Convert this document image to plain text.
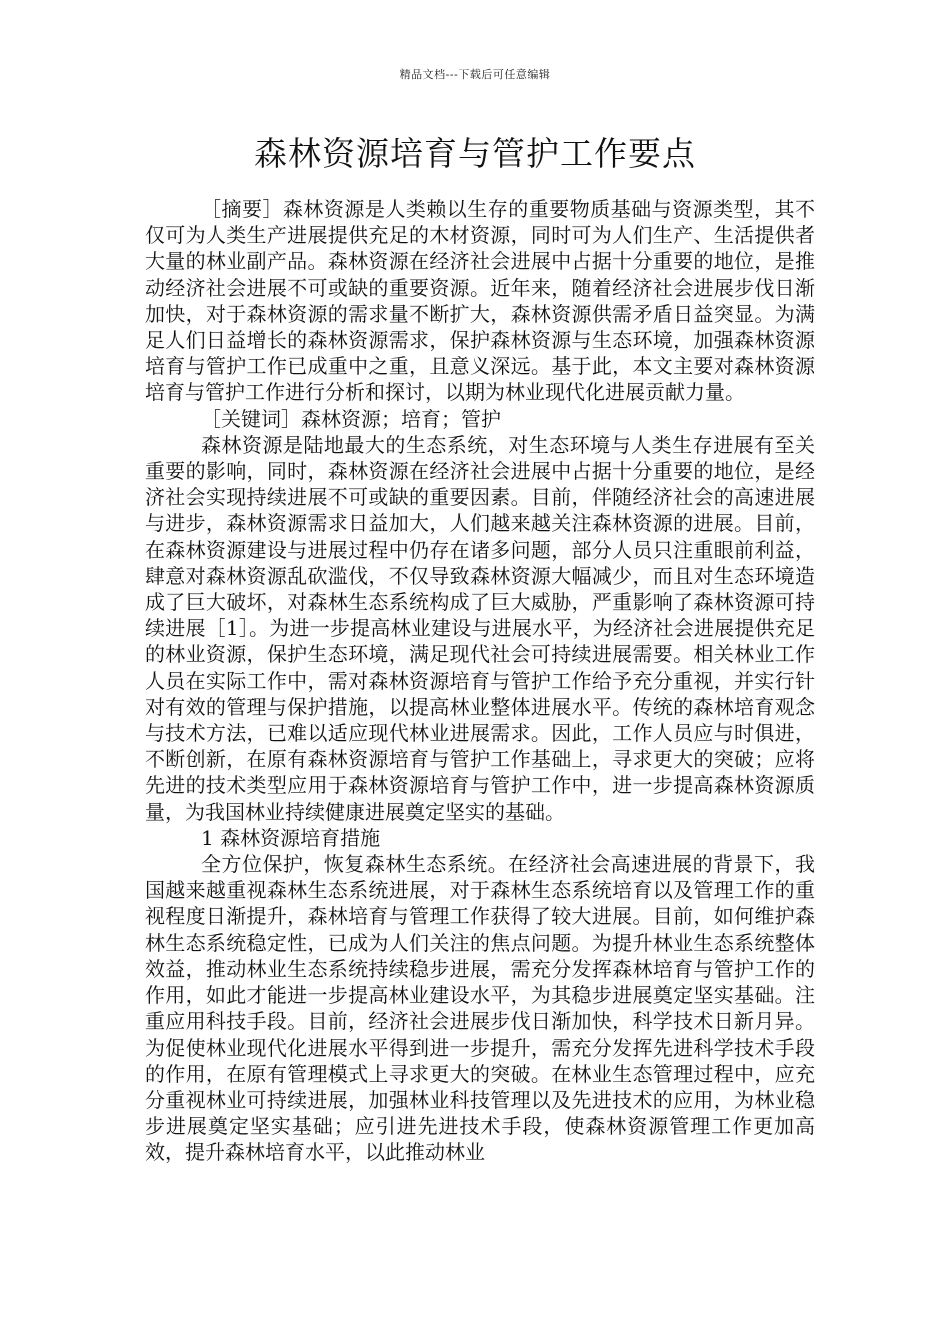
精品文档---下载后可任意编辑
森林资源培育与管护工作要点

［摘要］森林资源是人类赖以生存的重要物质基础与资源类型，其不仅可为人类生产进展提供充足的木材资源，同时可为人们生产、生活提供者大量的林业副产品。森林资源在经济社会进展中占据十分重要的地位，是推动经济社会进展不可或缺的重要资源。近年来，随着经济社会进展步伐日渐加快，对于森林资源的需求量不断扩大，森林资源供需矛盾日益突显。为满足人们日益增长的森林资源需求，保护森林资源与生态环境，加强森林资源培育与管护工作已成重中之重，且意义深远。基于此，本文主要对森林资源培育与管护工作进行分析和探讨，以期为林业现代化进展贡献力量。

［关键词］森林资源；培育；管护

森林资源是陆地最大的生态系统，对生态环境与人类生存进展有至关重要的影响，同时，森林资源在经济社会进展中占据十分重要的地位，是经济社会实现持续进展不可或缺的重要因素。目前，伴随经济社会的高速进展与进步，森林资源需求日益加大，人们越来越关注森林资源的进展。目前，在森林资源建设与进展过程中仍存在诸多问题，部分人员只注重眼前利益，肆意对森林资源乱砍滥伐，不仅导致森林资源大幅减少，而且对生态环境造成了巨大破坏，对森林生态系统构成了巨大威胁，严重影响了森林资源可持续进展［1］。为进一步提高林业建设与进展水平，为经济社会进展提供充足的林业资源，保护生态环境，满足现代社会可持续进展需要。相关林业工作人员在实际工作中，需对森林资源培育与管护工作给予充分重视，并实行针对有效的管理与保护措施，以提高林业整体进展水平。传统的森林培育观念与技术方法，已难以适应现代林业进展需求。因此，工作人员应与时俱进，不断创新，在原有森林资源培育与管护工作基础上，寻求更大的突破；应将先进的技术类型应用于森林资源培育与管护工作中，进一步提高森林资源质量，为我国林业持续健康进展奠定坚实的基础。

1 森林资源培育措施

全方位保护，恢复森林生态系统。在经济社会高速进展的背景下，我国越来越重视森林生态系统进展，对于森林生态系统培育以及管理工作的重视程度日渐提升，森林培育与管理工作获得了较大进展。目前，如何维护森林生态系统稳定性，已成为人们关注的焦点问题。为提升林业生态系统整体效益，推动林业生态系统持续稳步进展，需充分发挥森林培育与管护工作的作用，如此才能进一步提高林业建设水平，为其稳步进展奠定坚实基础。注重应用科技手段。目前，经济社会进展步伐日渐加快，科学技术日新月异。为促使林业现代化进展水平得到进一步提升，需充分发挥先进科学技术手段的作用，在原有管理模式上寻求更大的突破。在林业生态管理过程中，应充分重视林业可持续进展，加强林业科技管理以及先进技术的应用，为林业稳步进展奠定坚实基础；应引进先进技术手段，使森林资源管理工作更加高效，提升森林培育水平，以此推动林业
